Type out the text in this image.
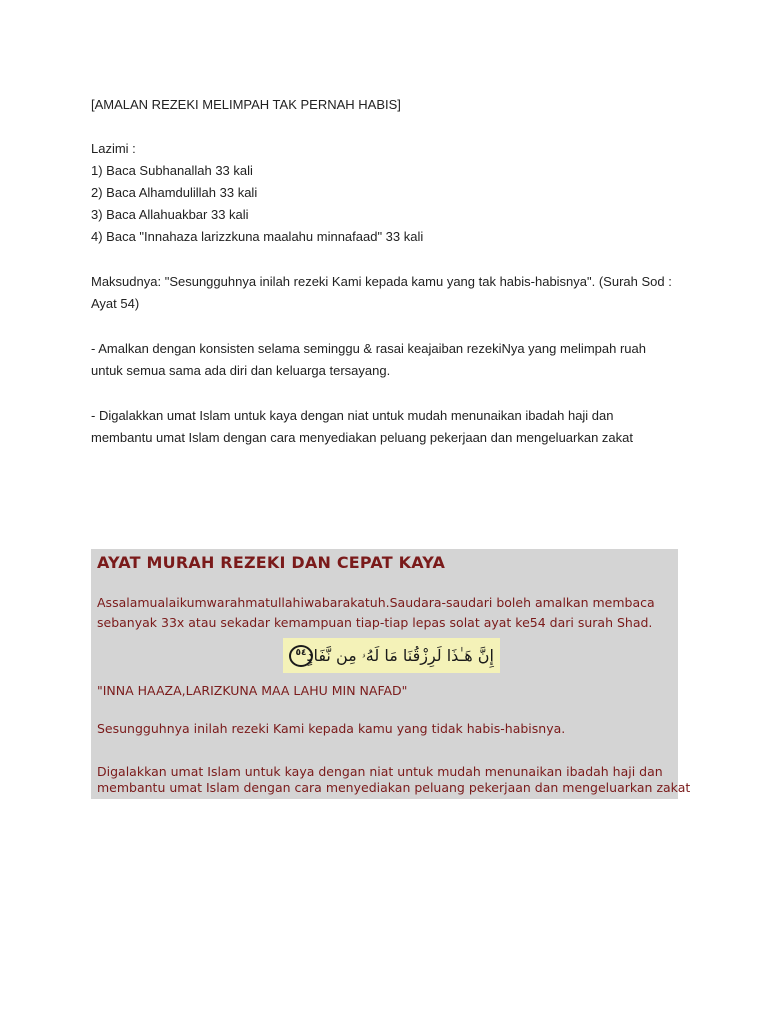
[AMALAN REZEKI MELIMPAH TAK PERNAH HABIS]

Lazimi :

1) Baca Subhanallah 33 kali

2) Baca Alhamdulillah 33 kali

3) Baca Allahuakbar 33 kali

4) Baca "Innahaza larizzkuna maalahu minnafaad" 33 kali

Maksudnya: "Sesungguhnya inilah rezeki Kami kepada kamu yang tak habis-habisnya". (Surah Sod :

Ayat 54)

- Amalkan dengan konsisten selama seminggu & rasai keajaiban rezekiNya yang melimpah ruah

untuk semua sama ada diri dan keluarga tersayang.

- Digalakkan umat Islam untuk kaya dengan niat untuk mudah menunaikan ibadah haji dan

membantu umat Islam dengan cara menyediakan peluang pekerjaan dan mengeluarkan zakat

AYAT MURAH REZEKI DAN CEPAT KAYA
Assalamualaikumwarahmatullahiwabarakatuh.Saudara-saudari boleh amalkan membaca
sebanyak 33x atau sekadar kemampuan tiap-tiap lepas solat ayat ke54 dari surah Shad.
٥٤ إِنَّ هَـٰذَا لَرِزْقُنَا مَا لَهُۥ مِن نَّفَادٍ
"INNA HAAZA,LARIZKUNA MAA LAHU MIN NAFAD"
Sesungguhnya inilah rezeki Kami kepada kamu yang tidak habis-habisnya.
Digalakkan umat Islam untuk kaya dengan niat untuk mudah menunaikan ibadah haji dan
membantu umat Islam dengan cara menyediakan peluang pekerjaan dan mengeluarkan zakat
